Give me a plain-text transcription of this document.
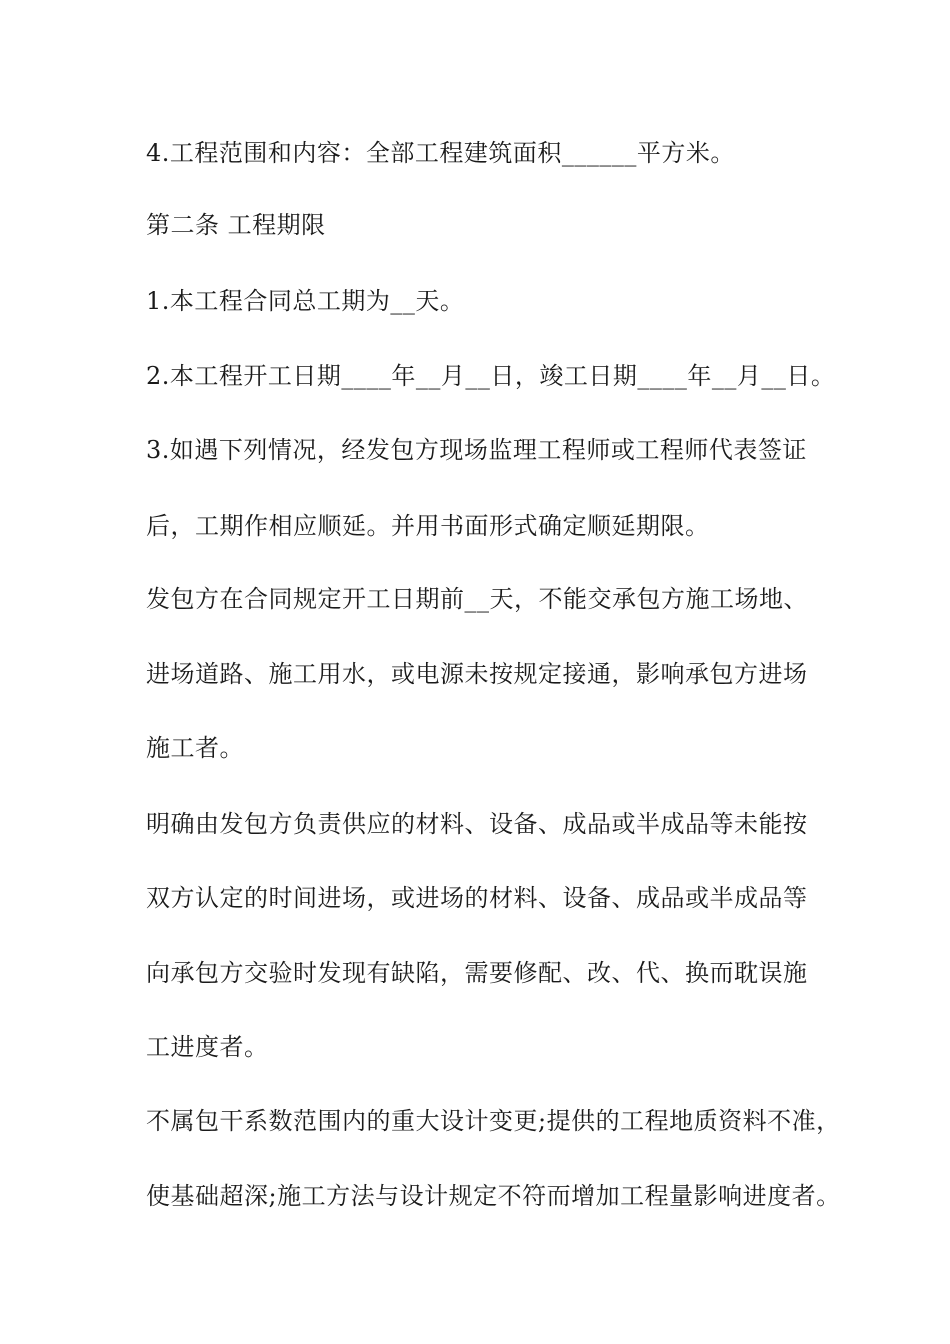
4.工程范围和内容：全部工程建筑面积______平方米。

第二条 工程期限

1.本工程合同总工期为__天。

2.本工程开工日期____年__月__日，竣工日期____年__月__日。

3.如遇下列情况，经发包方现场监理工程师或工程师代表签证

后，工期作相应顺延。并用书面形式确定顺延期限。

发包方在合同规定开工日期前__天，不能交承包方施工场地、

进场道路、施工用水，或电源未按规定接通，影响承包方进场

施工者。

明确由发包方负责供应的材料、设备、成品或半成品等未能按

双方认定的时间进场，或进场的材料、设备、成品或半成品等

向承包方交验时发现有缺陷，需要修配、改、代、换而耽误施

工进度者。

不属包干系数范围内的重大设计变更;提供的工程地质资料不准，

使基础超深;施工方法与设计规定不符而增加工程量影响进度者。
